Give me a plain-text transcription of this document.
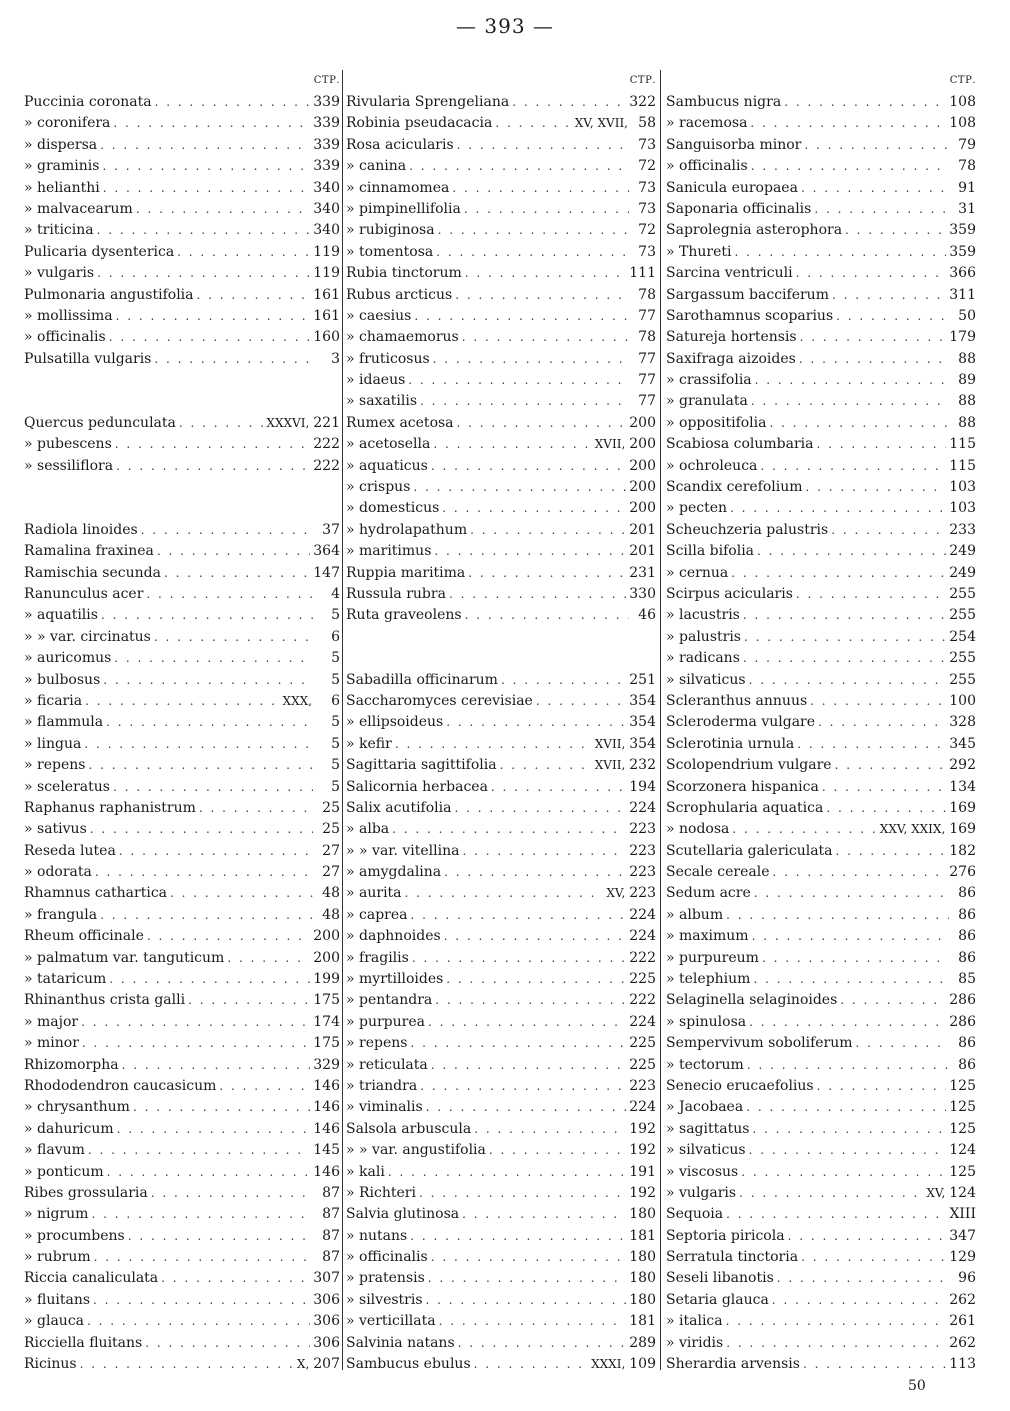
— 393 —
СТР.
Puccinia coronata . . .	339
» coronifera . . .	339
» dispersa . . .	339
» graminis . . .	339
» helianthi . . .	340
» malvacearum . . .	340
» triticina . . .	340
Pulicaria dysenterica . . .	119
» vulgaris . . .	119
Pulmonaria angustifolia . . .	161
» mollissima . . .	161
» officinalis . . .	160
Pulsatilla vulgaris . . .	3
Quercus pedunculata . . .	XXXVI, 221
» pubescens . . .	222
» sessiliflora . . .	222
Radiola linoides . . .	37
Ramalina fraxinea . . .	364
Ramischia secunda . . .	147
Ranunculus acer . . .	4
» aquatilis . . .	5
» » var. circinatus . . .	6
» auricomus . . .	5
» bulbosus . . .	5
» ficaria . . .	XXX,	6
» flammula . . .	5
» lingua . . .	5
» repens . . .	5
» sceleratus . . .	5
Raphanus raphanistrum . . .	25
» sativus . . .	25
Reseda lutea . . .	27
» odorata . . .	27
Rhamnus cathartica . . .	48
» frangula . . .	48
Rheum officinale . . .	200
» palmatum var. tanguticum . . .	200
» tataricum . . .	199
Rhinanthus crista galli . . .	175
» major . . .	174
» minor . . .	175
Rhizomorpha . . .	329
Rhododendron caucasicum . . .	146
» chrysanthum . . .	146
» dahuricum . . .	146
» flavum . . .	145
» ponticum . . .	146
Ribes grossularia . . .	87
» nigrum . . .	87
» procumbens . . .	87
» rubrum . . .	87
Riccia canaliculata . . .	307
» fluitans . . .	306
» glauca . . .	306
Ricciella fluitans . . .	306
Ricinus . . .	X, 207
СТР.
Rivularia Sprengeliana . . .	322
Robinia pseudacacia . . .	XV, XVII, 58
Rosa acicularis . . .	73
» canina . . .	72
» cinnamomea . . .	73
» pimpinellifolia . . .	73
» rubiginosa . . .	72
» tomentosa . . .	73
Rubia tinctorum . . .	111
Rubus arcticus . . .	78
» caesius . . .	77
» chamaemorus . . .	78
» fruticosus . . .	77
» idaeus . . .	77
» saxatilis . . .	77
Rumex acetosa . . .	200
» acetosella . . .	XVII, 200
» aquaticus . . .	200
» crispus . . .	200
» domesticus . . .	200
» hydrolapathum . . .	201
» maritimus . . .	201
Ruppia maritima . . .	231
Russula rubra . . .	330
Ruta graveolens . . .	46
Sabadilla officinarum . . .	251
Saccharomyces cerevisiae . . .	354
» ellipsoideus . . .	354
» kefir . . .	XVII, 354
Sagittaria sagittifolia . . .	XVII, 232
Salicornia herbacea . . .	194
Salix acutifolia . . .	224
» alba . . .	223
» » var. vitellina . . .	223
» amygdalina . . .	223
» aurita . . .	XV, 223
» caprea . . .	224
» daphnoides . . .	224
» fragilis . . .	222
» myrtilloides . . .	225
» pentandra . . .	222
» purpurea . . .	224
» repens . . .	225
» reticulata . . .	225
» triandra . . .	223
» viminalis . . .	224
Salsola arbuscula . . .	192
» » var. angustifolia . . .	192
» kali . . .	191
» Richteri . . .	192
Salvia glutinosa . . .	180
» nutans . . .	181
» officinalis . . .	180
» pratensis . . .	180
» silvestris . . .	180
» verticillata . . .	181
Salvinia natans . . .	289
Sambucus ebulus . . .	XXXI, 109
СТР.
Sambucus nigra . . .	108
» racemosa . . .	108
Sanguisorba minor . . .	79
» officinalis . . .	78
Sanicula europaea . . .	91
Saponaria officinalis . . .	31
Saprolegnia asterophora . . .	359
» Thureti . . .	359
Sarcina ventriculi . . .	366
Sargassum bacciferum . . .	311
Sarothamnus scoparius . . .	50
Satureja hortensis . . .	179
Saxifraga aizoides . . .	88
» crassifolia . . .	89
» granulata . . .	88
» oppositifolia . . .	88
Scabiosa columbaria . . .	115
» ochroleuca . . .	115
Scandix cerefolium . . .	103
» pecten . . .	103
Scheuchzeria palustris . . .	233
Scilla bifolia . . .	249
» cernua . . .	249
Scirpus acicularis . . .	255
» lacustris . . .	255
» palustris . . .	254
» radicans . . .	255
» silvaticus . . .	255
Scleranthus annuus . . .	100
Scleroderma vulgare . . .	328
Sclerotinia urnula . . .	345
Scolopendrium vulgare . . .	292
Scorzonera hispanica . . .	134
Scrophularia aquatica . . .	169
» nodosa . . .	XXV, XXIX, 169
Scutellaria galericulata . . .	182
Secale cereale . . .	276
Sedum acre . . .	86
» album . . .	86
» maximum . . .	86
» purpureum . . .	86
» telephium . . .	85
Selaginella selaginoides . . .	286
» spinulosa . . .	286
Sempervivum soboliferum . . .	86
» tectorum . . .	86
Senecio erucaefolius . . .	125
» Jacobaea . . .	125
» sagittatus . . .	125
» silvaticus . . .	124
» viscosus . . .	125
» vulgaris . . .	XV, 124
Sequoia . . .	XIII
Septoria piricola . . .	347
Serratula tinctoria . . .	129
Seseli libanotis . . .	96
Setaria glauca . . .	262
» italica . . .	261
» viridis . . .	262
Sherardia arvensis . . .	113
50
